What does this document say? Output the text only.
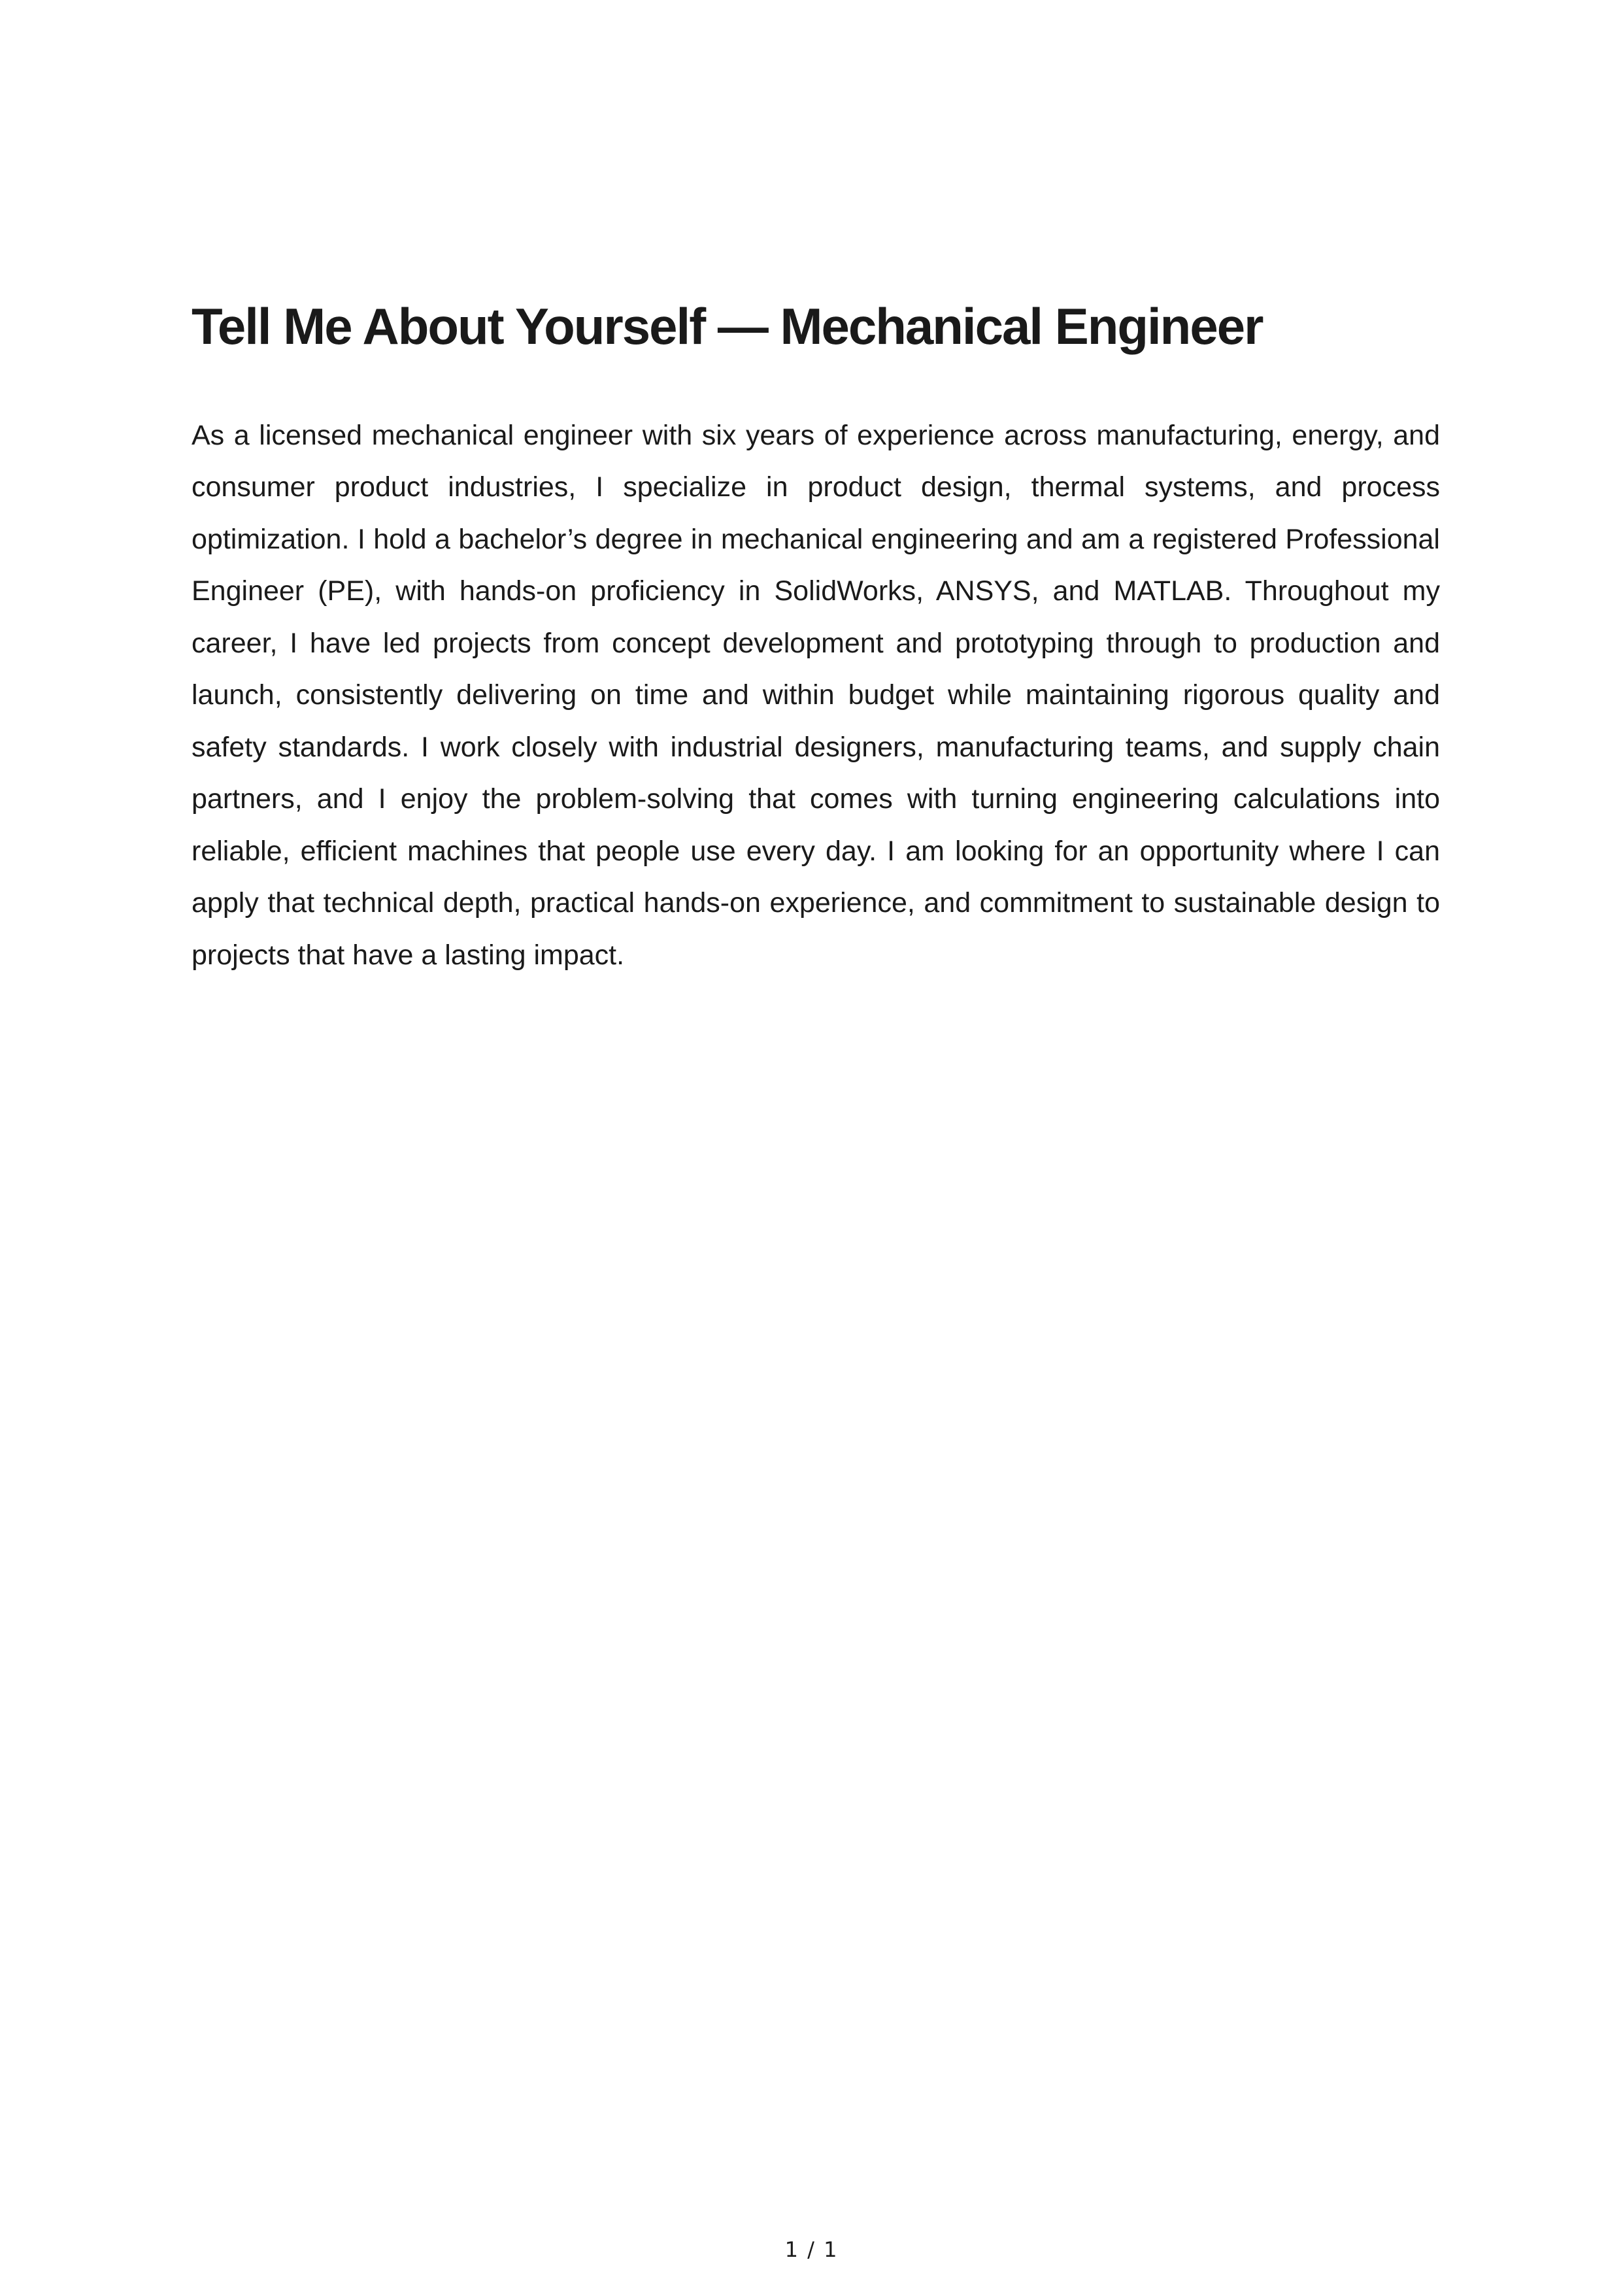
Tell Me About Yourself — Mechanical Engineer

As a licensed mechanical engineer with six years of experience across manufacturing, energy, and consumer product industries, I specialize in product design, thermal systems, and process optimization. I hold a bachelor’s degree in mechanical engineering and am a registered Professional Engineer (PE), with hands-on proficiency in SolidWorks, ANSYS, and MATLAB. Throughout my career, I have led projects from concept development and prototyping through to production and launch, consistently delivering on time and within budget while maintaining rigorous quality and safety standards. I work closely with industrial designers, manufacturing teams, and supply chain partners, and I enjoy the problem-solving that comes with turning engineering calculations into reliable, efficient machines that people use every day. I am looking for an opportunity where I can apply that technical depth, practical hands-on experience, and commitment to sustainable design to projects that have a lasting impact.

1 / 1
